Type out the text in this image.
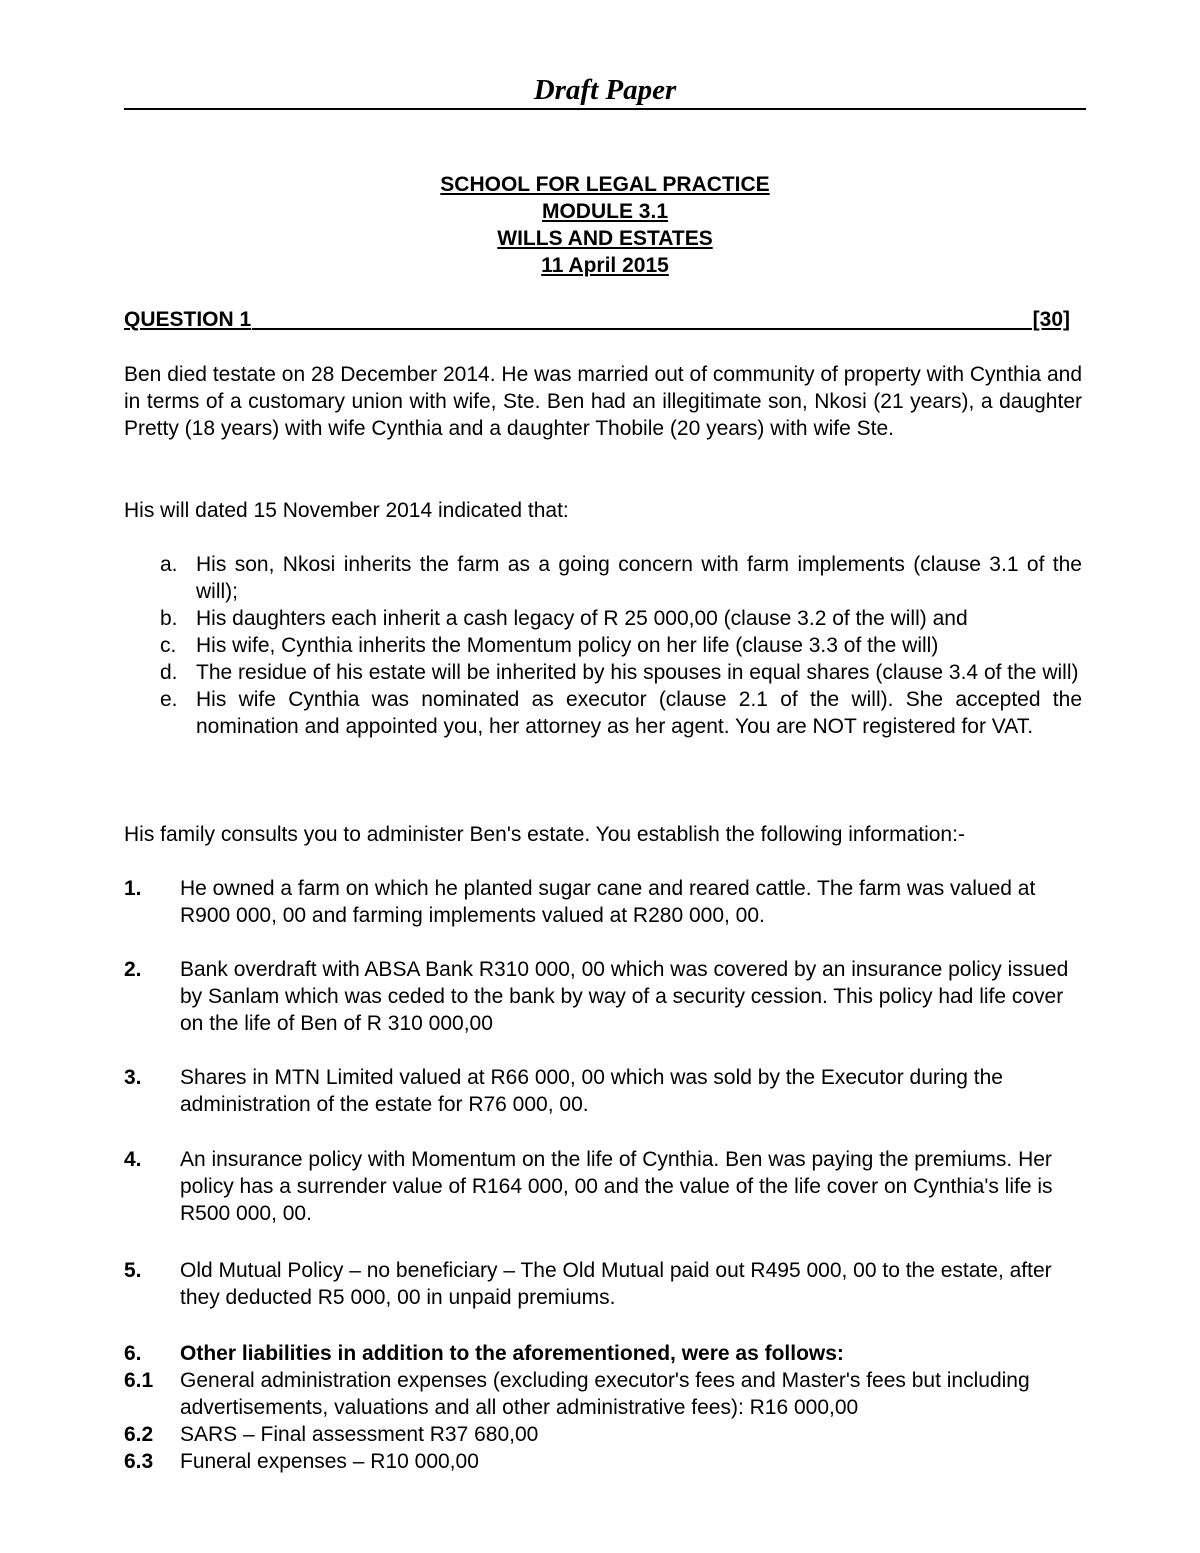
Draft Paper
SCHOOL FOR LEGAL PRACTICE
MODULE 3.1
WILLS AND ESTATES
11 April 2015
QUESTION 1	[30]
Ben died testate on 28 December 2014. He was married out of community of property with Cynthia and in terms of a customary union with wife, Ste. Ben had an illegitimate son, Nkosi (21 years), a daughter Pretty (18 years) with wife Cynthia and a daughter Thobile (20 years) with wife Ste.
His will dated 15 November 2014 indicated that:
a. His son, Nkosi inherits the farm as a going concern with farm implements (clause 3.1 of the will);
b. His daughters each inherit a cash legacy of R 25 000,00 (clause 3.2 of the will) and
c. His wife, Cynthia inherits the Momentum policy on her life (clause 3.3 of the will)
d. The residue of his estate will be inherited by his spouses in equal shares (clause 3.4 of the will)
e. His wife Cynthia was nominated as executor (clause 2.1 of the will). She accepted the nomination and appointed you, her attorney as her agent. You are NOT registered for VAT.
His family consults you to administer Ben's estate. You establish the following information:-
1.	He owned a farm on which he planted sugar cane and reared cattle. The farm was valued at R900 000, 00 and farming implements valued at R280 000, 00.
2.	Bank overdraft with ABSA Bank R310 000, 00 which was covered by an insurance policy issued by Sanlam which was ceded to the bank by way of a security cession. This policy had life cover on the life of Ben of R 310 000,00
3.	Shares in MTN Limited valued at R66 000, 00 which was sold by the Executor during the administration of the estate for R76 000, 00.
4.	An insurance policy with Momentum on the life of Cynthia. Ben was paying the premiums. Her policy has a surrender value of R164 000, 00 and the value of the life cover on Cynthia's life is R500 000, 00.
5.	Old Mutual Policy – no beneficiary – The Old Mutual paid out R495 000, 00 to the estate, after they deducted R5 000, 00 in unpaid premiums.
6.	Other liabilities in addition to the aforementioned, were as follows:
6.1	General administration expenses (excluding executor's fees and Master's fees but including advertisements, valuations and all other administrative fees): R16 000,00
6.2	SARS – Final assessment R37 680,00
6.3	Funeral expenses – R10 000,00
